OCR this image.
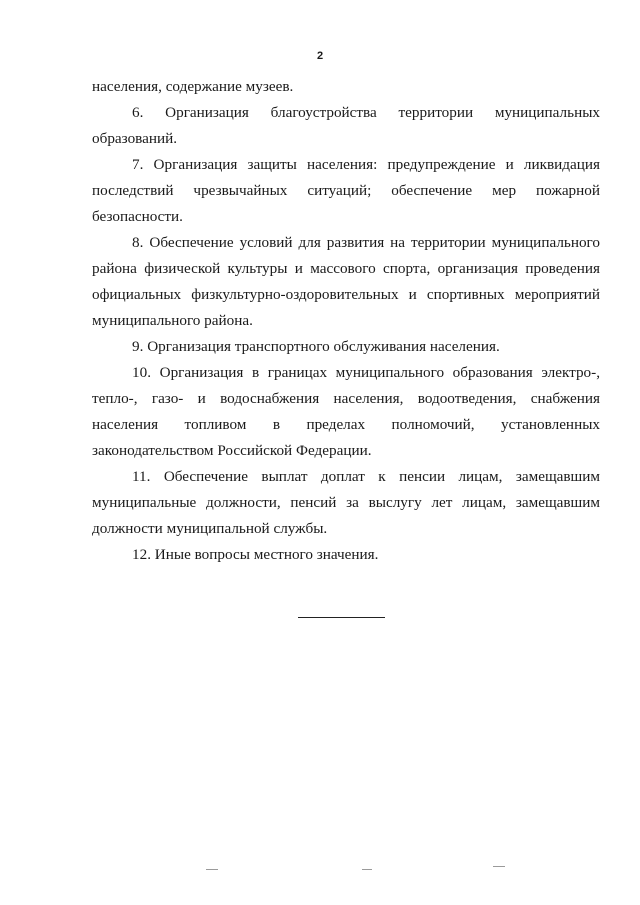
2

населения, содержание музеев.

6. Организация благоустройства территории муниципальных образований.

7. Организация защиты населения: предупреждение и ликвидация последствий чрезвычайных ситуаций; обеспечение мер пожарной безопасности.

8. Обеспечение условий для развития на территории муниципального района физической культуры и массового спорта, организация проведения официальных физкультурно-оздоровительных и спортивных мероприятий муниципального района.

9. Организация транспортного обслуживания населения.

10. Организация в границах муниципального образования электро-, тепло-, газо- и водоснабжения населения, водоотведения, снабжения населения топливом в пределах полномочий, установленных законодательством Российской Федерации.

11. Обеспечение выплат доплат к пенсии лицам, замещавшим муниципальные должности, пенсий за выслугу лет лицам, замещавшим должности муниципальной службы.

12. Иные вопросы местного значения.
